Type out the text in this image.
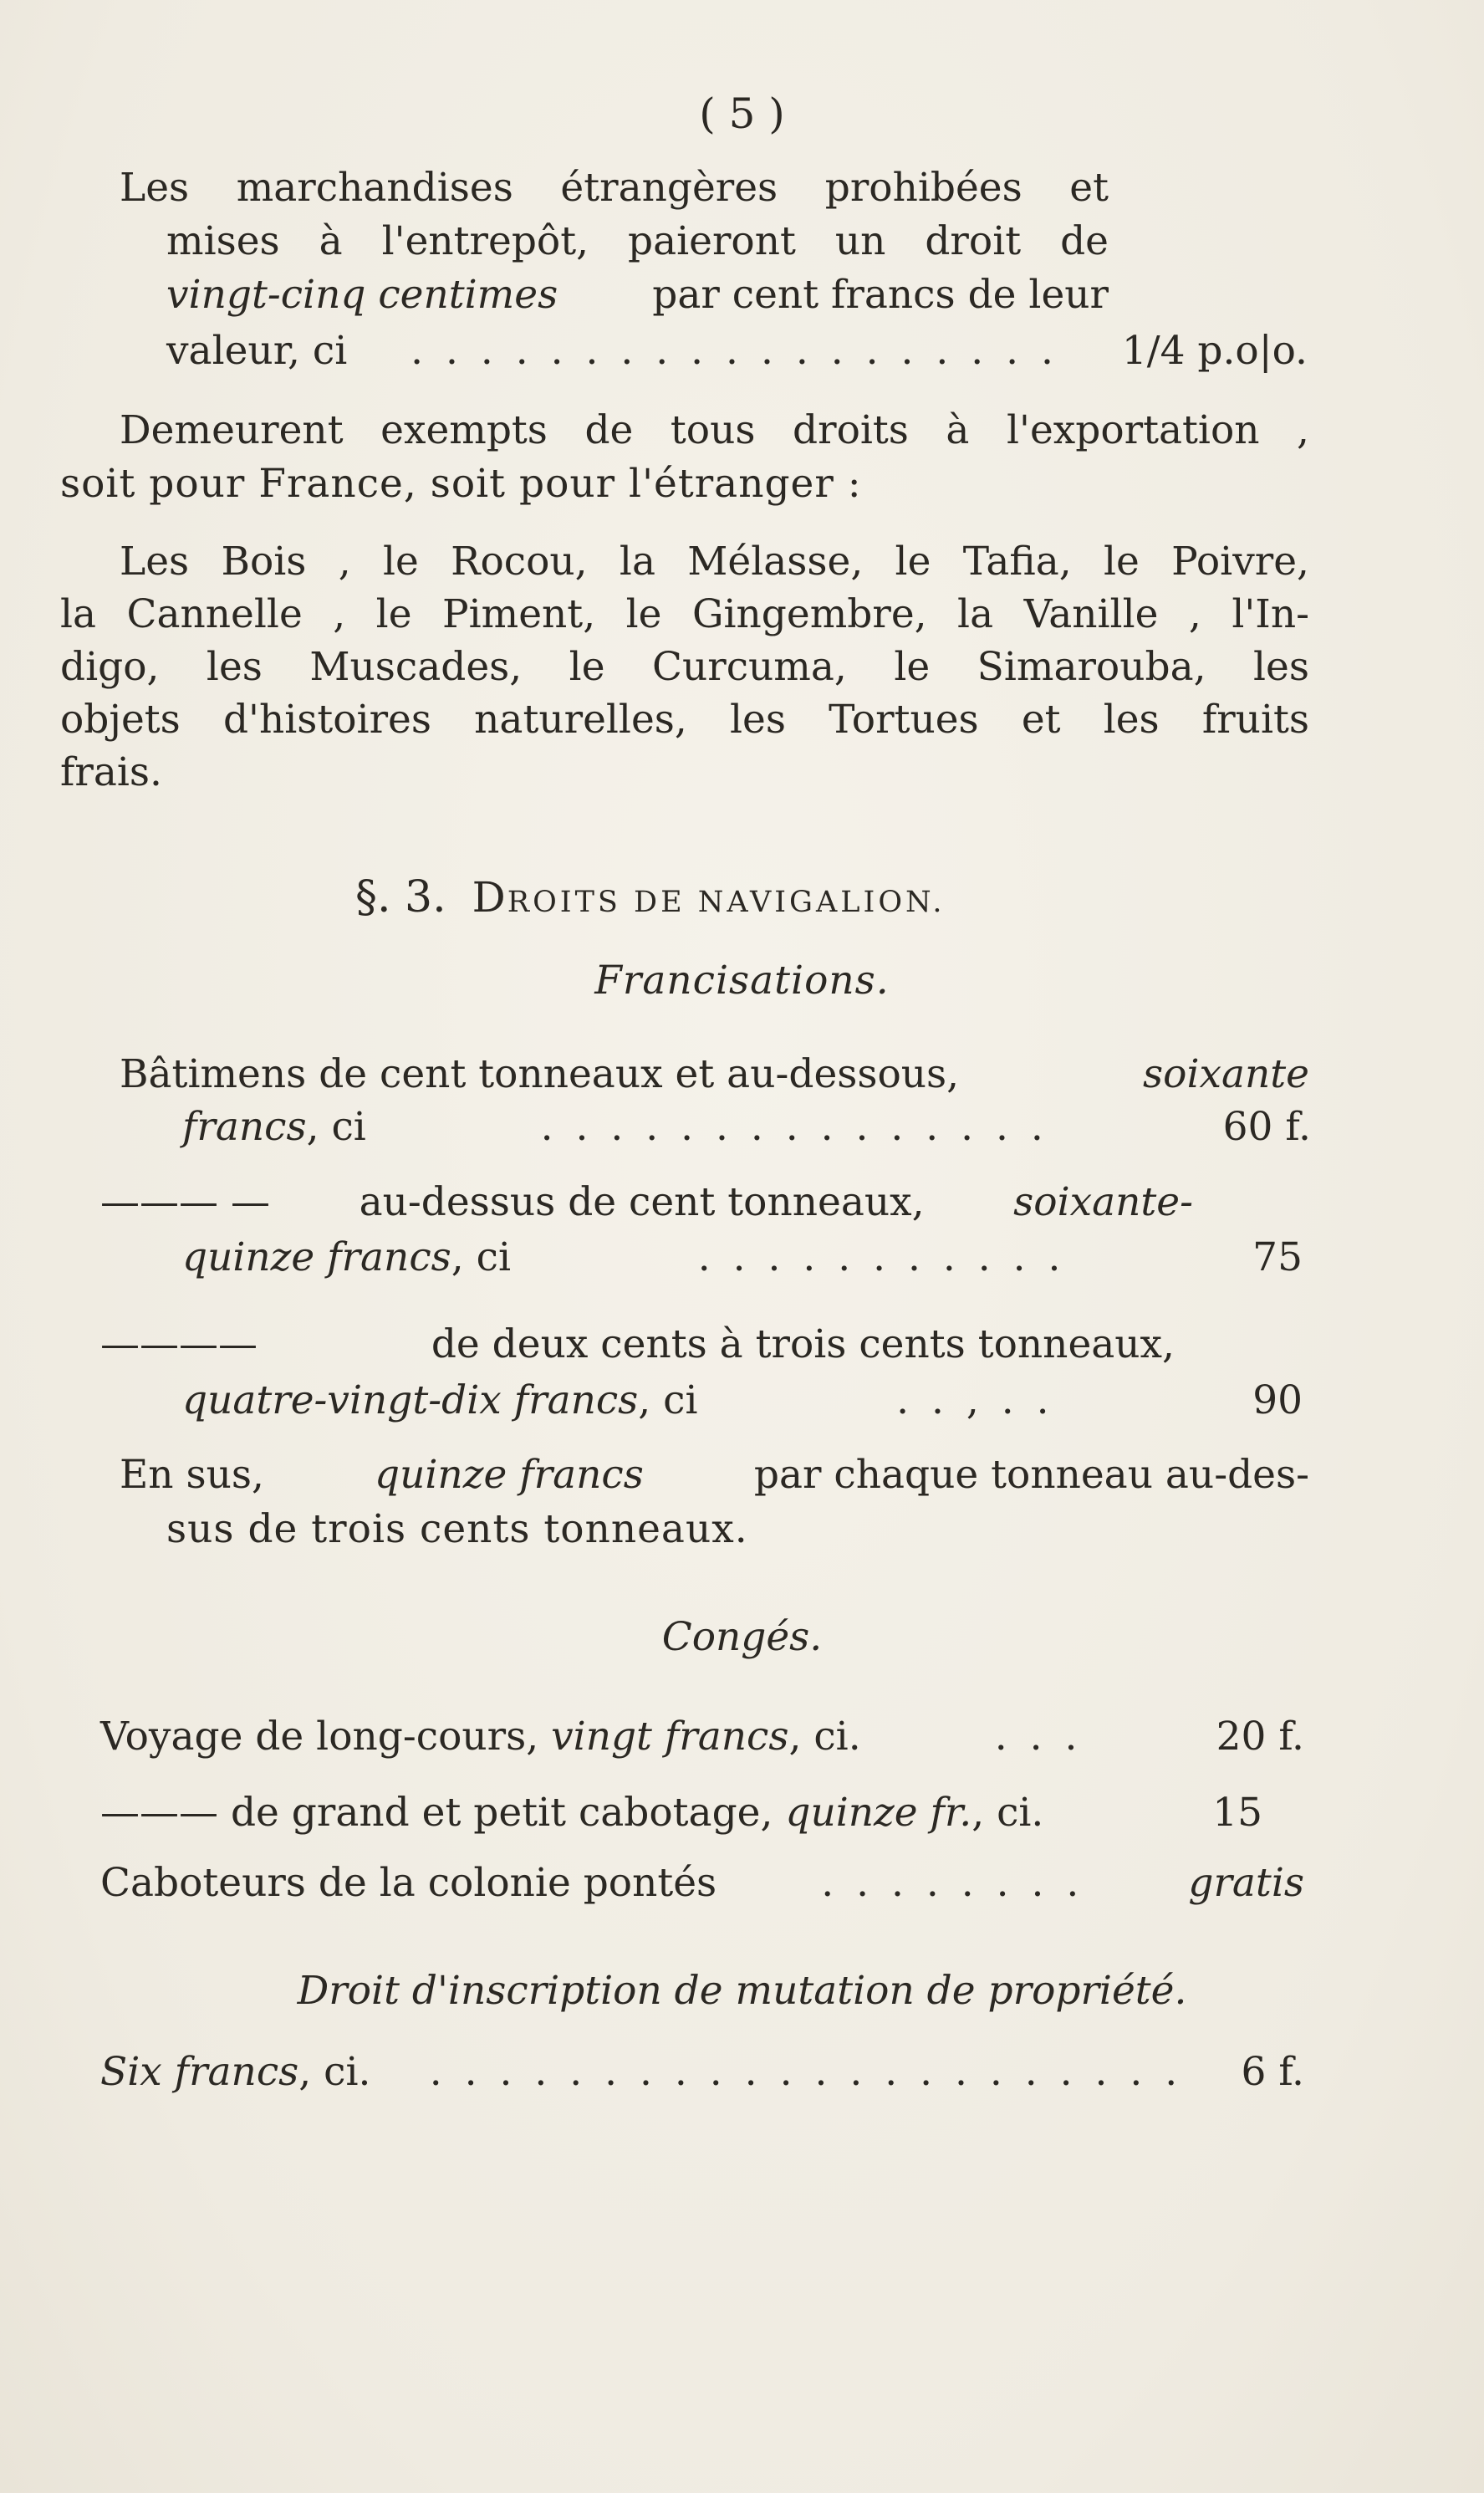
( 5 )
Les marchandises étrangères prohibées et
mises à l'entrepôt, paieront un droit de
vingt-cinq centimes par cent francs de leur
valeur, ci . . . . . . . . . . . . . . . . . . . 1/4 p.o|o.
Demeurent exempts de tous droits à l'exportation ,
soit pour France, soit pour l'étranger :
Les Bois , le Rocou, la Mélasse, le Tafia, le Poivre,
la Cannelle , le Piment, le Gingembre, la Vanille , l'In-
digo, les Muscades, le Curcuma, le Simarouba, les
objets d'histoires naturelles, les Tortues et les fruits
frais.
§. 3. DROITS DE NAVIGALION.
Francisations.
Bâtimens de cent tonneaux et au-dessous,	soixante
francs, ci	. . . . . . . . . . . . . . .	60 f.
——— — au-dessus de cent tonneaux, soixante-
quinze francs, ci	. . . . . . . . . . .	75
————	de deux cents à trois cents tonneaux,
quatre-vingt-dix francs, ci	. . , . .	90
En sus, quinze francs par chaque tonneau au-des-
sus de trois cents tonneaux.
Congés.
Voyage de long-cours, vingt francs, ci.	. . .	20 f.
——— de grand et petit cabotage, quinze fr., ci.	15
Caboteurs de la colonie pontés	. . . . . . . .	gratis
Droit d'inscription de mutation de propriété.
Six francs, ci. . . . . . . . . . . . . . . . . . . . . . . 6 f.
